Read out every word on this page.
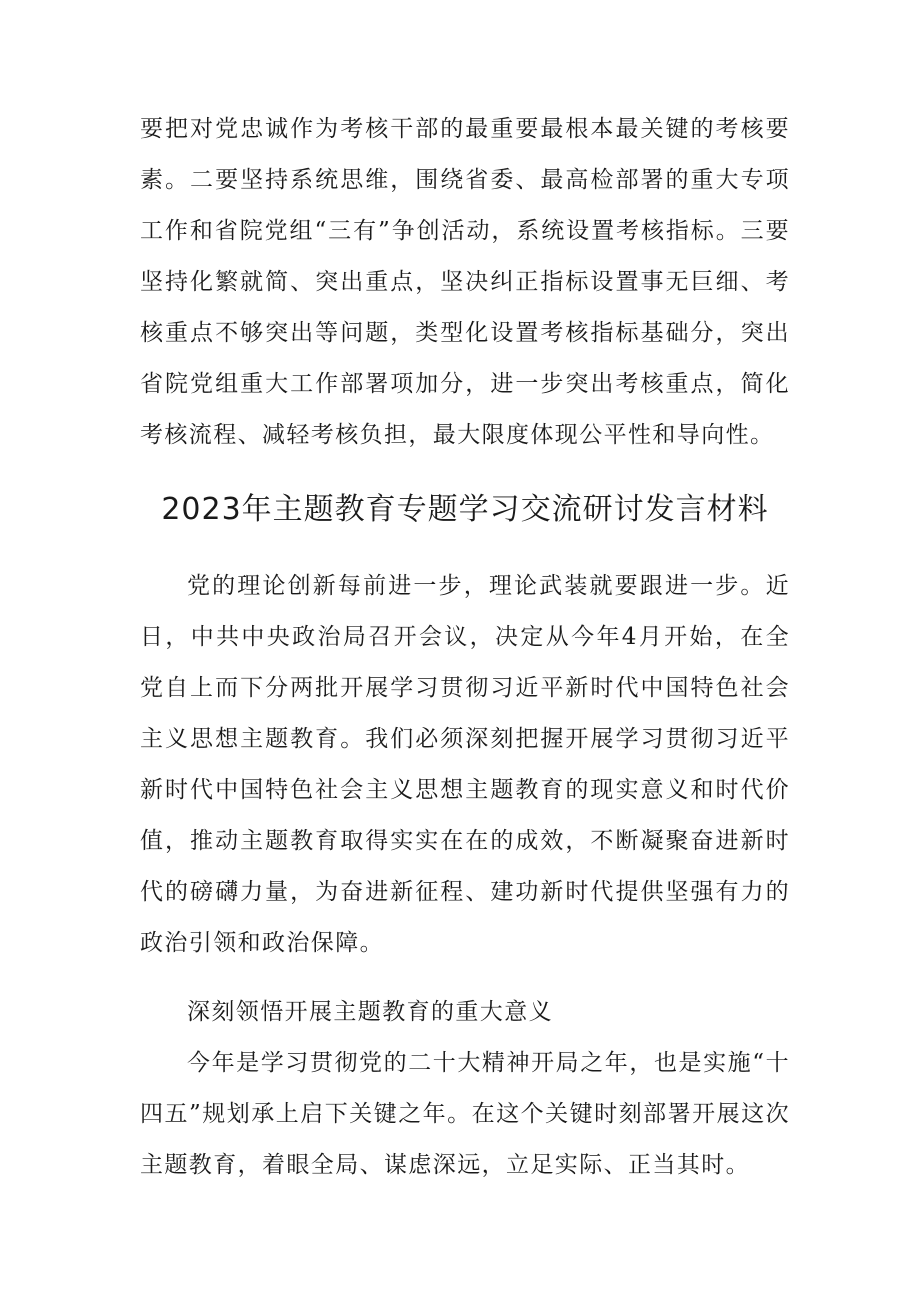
要把对党忠诚作为考核干部的最重要最根本最关键的考核要素。二要坚持系统思维，围绕省委、最高检部署的重大专项工作和省院党组“三有”争创活动，系统设置考核指标。三要坚持化繁就简、突出重点，坚决纠正指标设置事无巨细、考核重点不够突出等问题，类型化设置考核指标基础分，突出省院党组重大工作部署项加分，进一步突出考核重点，简化考核流程、减轻考核负担，最大限度体现公平性和导向性。

2023年主题教育专题学习交流研讨发言材料

党的理论创新每前进一步，理论武装就要跟进一步。近日，中共中央政治局召开会议，决定从今年4月开始，在全党自上而下分两批开展学习贯彻习近平新时代中国特色社会主义思想主题教育。我们必须深刻把握开展学习贯彻习近平新时代中国特色社会主义思想主题教育的现实意义和时代价值，推动主题教育取得实实在在的成效，不断凝聚奋进新时代的磅礴力量，为奋进新征程、建功新时代提供坚强有力的政治引领和政治保障。

深刻领悟开展主题教育的重大意义

今年是学习贯彻党的二十大精神开局之年，也是实施“十四五”规划承上启下关键之年。在这个关键时刻部署开展这次主题教育，着眼全局、谋虑深远，立足实际、正当其时。
